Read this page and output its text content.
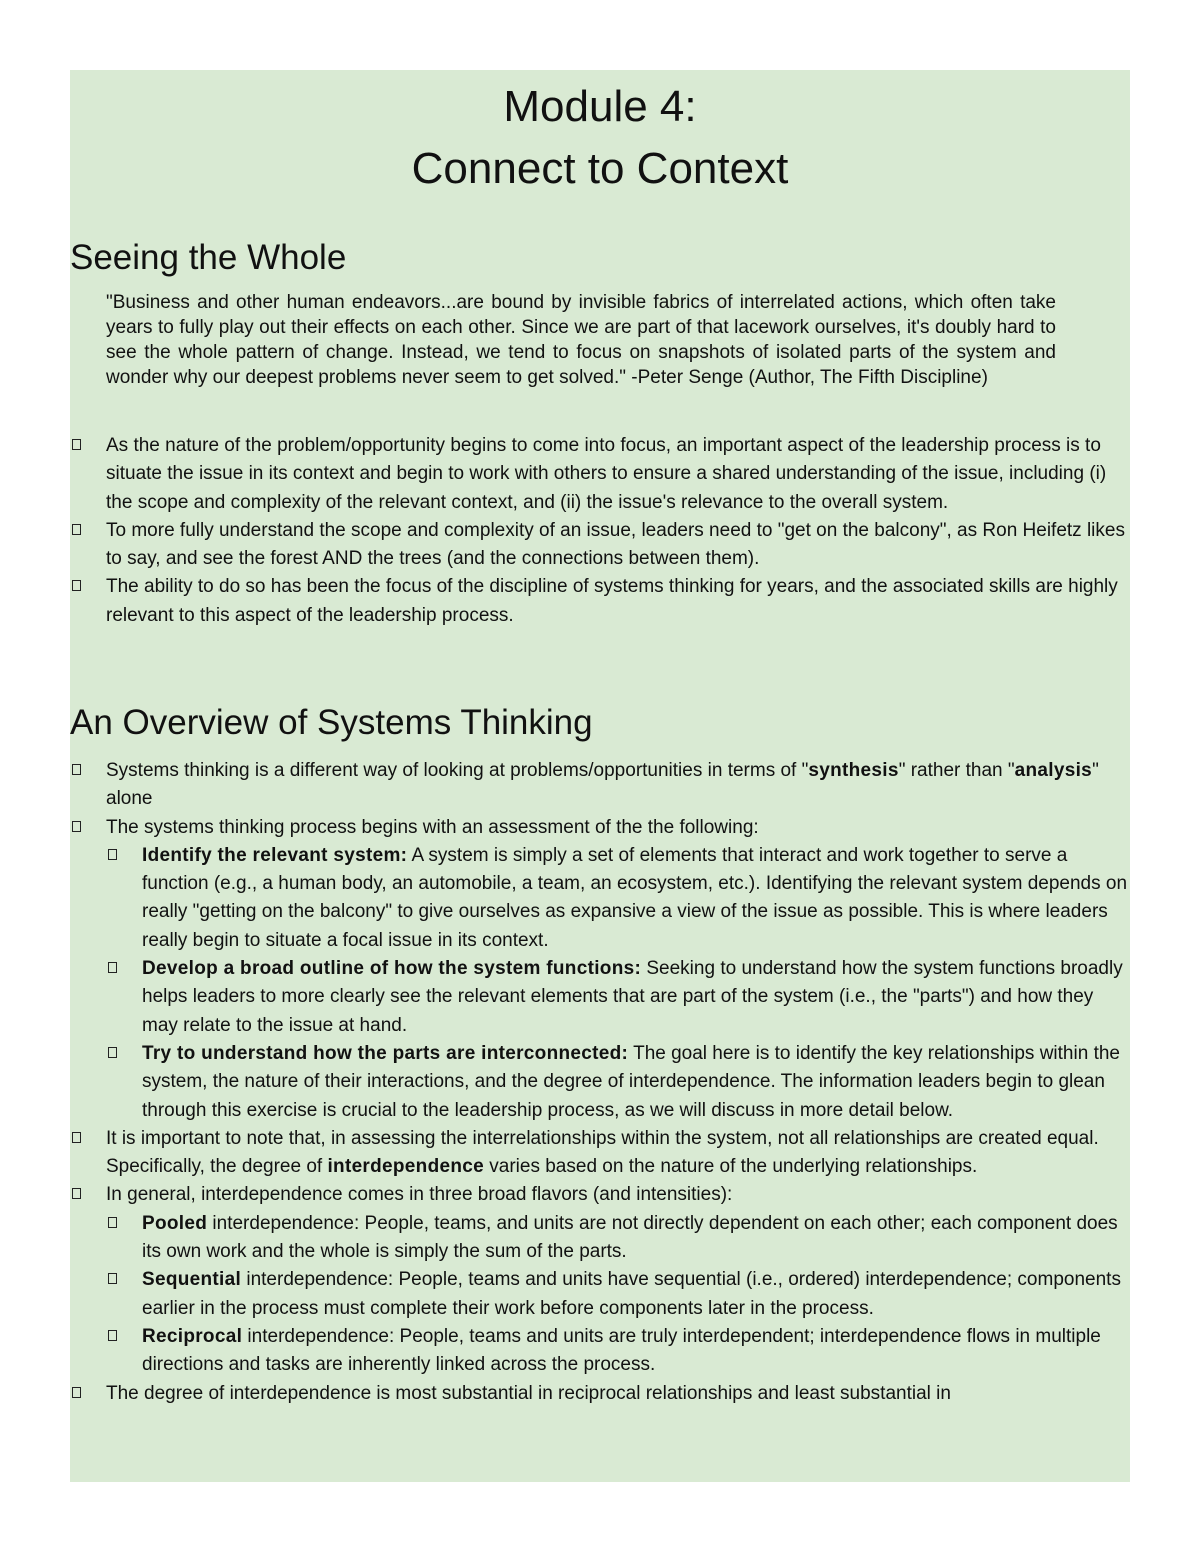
Module 4:
Connect to Context
Seeing the Whole
"Business and other human endeavors...are bound by invisible fabrics of interrelated actions, which often take years to fully play out their effects on each other. Since we are part of that lacework ourselves, it's doubly hard to see the whole pattern of change. Instead, we tend to focus on snapshots of isolated parts of the system and wonder why our deepest problems never seem to get solved." -Peter Senge (Author, The Fifth Discipline)
As the nature of the problem/opportunity begins to come into focus, an important aspect of the leadership process is to situate the issue in its context and begin to work with others to ensure a shared understanding of the issue, including (i) the scope and complexity of the relevant context, and (ii) the issue's relevance to the overall system.
To more fully understand the scope and complexity of an issue, leaders need to "get on the balcony", as Ron Heifetz likes to say, and see the forest AND the trees (and the connections between them).
The ability to do so has been the focus of the discipline of systems thinking for years, and the associated skills are highly relevant to this aspect of the leadership process.
An Overview of Systems Thinking
Systems thinking is a different way of looking at problems/opportunities in terms of "synthesis" rather than "analysis" alone
The systems thinking process begins with an assessment of the the following:
Identify the relevant system: A system is simply a set of elements that interact and work together to serve a function (e.g., a human body, an automobile, a team, an ecosystem, etc.). Identifying the relevant system depends on really "getting on the balcony" to give ourselves as expansive a view of the issue as possible. This is where leaders really begin to situate a focal issue in its context.
Develop a broad outline of how the system functions: Seeking to understand how the system functions broadly helps leaders to more clearly see the relevant elements that are part of the system (i.e., the "parts") and how they may relate to the issue at hand.
Try to understand how the parts are interconnected: The goal here is to identify the key relationships within the system, the nature of their interactions, and the degree of interdependence. The information leaders begin to glean through this exercise is crucial to the leadership process, as we will discuss in more detail below.
It is important to note that, in assessing the interrelationships within the system, not all relationships are created equal. Specifically, the degree of interdependence varies based on the nature of the underlying relationships.
In general, interdependence comes in three broad flavors (and intensities):
Pooled interdependence: People, teams, and units are not directly dependent on each other; each component does its own work and the whole is simply the sum of the parts.
Sequential interdependence: People, teams and units have sequential (i.e., ordered) interdependence; components earlier in the process must complete their work before components later in the process.
Reciprocal interdependence: People, teams and units are truly interdependent; interdependence flows in multiple directions and tasks are inherently linked across the process.
The degree of interdependence is most substantial in reciprocal relationships and least substantial in
